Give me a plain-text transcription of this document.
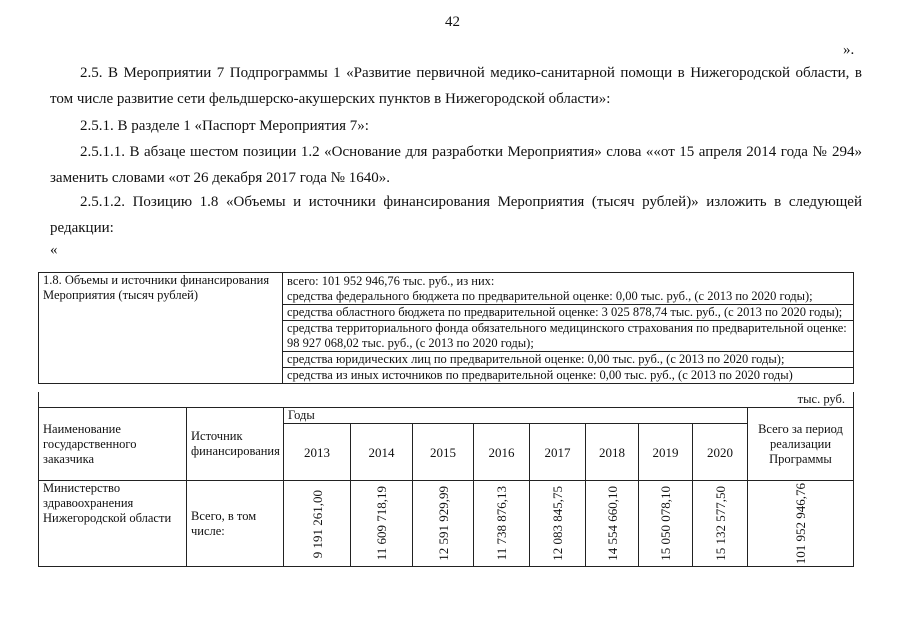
42
».
2.5. В Мероприятии 7 Подпрограммы 1 «Развитие первичной медико-санитарной помощи в Нижегородской области, в том числе развитие сети фельдшерско-акушерских пунктов в Нижегородской области»:
2.5.1. В разделе 1 «Паспорт Мероприятия 7»:
2.5.1.1. В абзаце шестом позиции 1.2 «Основание для разработки Мероприятия» слова ««от 15 апреля 2014 года № 294» заменить словами «от 26 декабря 2017 года № 1640».
2.5.1.2. Позицию 1.8 «Объемы и источники финансирования Мероприятия (тысяч рублей)» изложить в следующей редакции:
«
1.8. Объемы и источники финансирования Мероприятия (тысяч рублей)	
всего: 101 952 946,76 тыс. руб., из них:
средства федерального бюджета по предварительной оценке: 0,00 тыс. руб., (с 2013 по 2020 годы);
средства областного бюджета по предварительной оценке: 3 025 878,74 тыс. руб., (с 2013 по 2020 годы);
средства территориального фонда обязательного медицинского страхования по предварительной оценке: 98 927 068,02 тыс. руб., (с 2013 по 2020 годы);
средства юридических лиц по предварительной оценке: 0,00 тыс. руб., (с 2013 по 2020 годы);
средства из иных источников по предварительной оценке: 0,00 тыс. руб., (с 2013 по 2020 годы)
тыс. руб.										
Наименование государственного заказчика	Источник финансирования	Годы								Всего за период реализации Программы
		2013	2014	2015	2016	2017	2018	2019	2020	
Министерство здравоохранения Нижегородской области	Всего, в том числе:	9 191 261,00	11 609 718,19	12 591 929,99	11 738 876,13	12 083 845,75	14 554 660,10	15 050 078,10	15 132 577,50	101 952 946,76
